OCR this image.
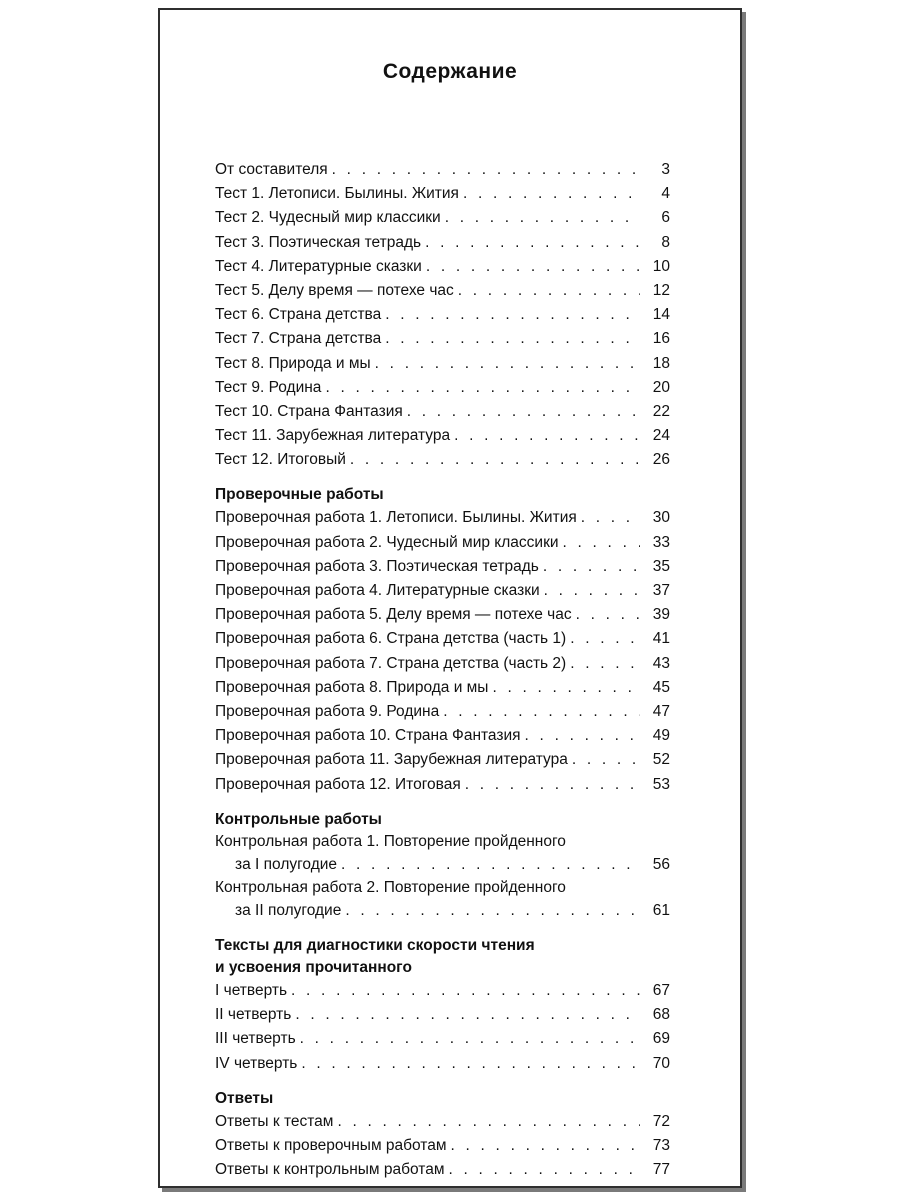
Содержание
От составителя . . .	3
Тест 1. Летописи. Былины. Жития . . .	4
Тест 2. Чудесный мир классики . . .	6
Тест 3. Поэтическая тетрадь . . .	8
Тест 4. Литературные сказки . . .	10
Тест 5. Делу время — потехе час . . .	12
Тест 6. Страна детства . . .	14
Тест 7. Страна детства . . .	16
Тест 8. Природа и мы . . .	18
Тест 9. Родина . . .	20
Тест 10. Страна Фантазия . . .	22
Тест 11. Зарубежная литература . . .	24
Тест 12. Итоговый . . .	26
Проверочные работы
Проверочная работа 1. Летописи. Былины. Жития . . .	30
Проверочная работа 2. Чудесный мир классики . . .	33
Проверочная работа 3. Поэтическая тетрадь . . .	35
Проверочная работа 4. Литературные сказки . . .	37
Проверочная работа 5. Делу время — потехе час . . .	39
Проверочная работа 6. Страна детства (часть 1) . . .	41
Проверочная работа 7. Страна детства (часть 2) . . .	43
Проверочная работа 8. Природа и мы . . .	45
Проверочная работа 9. Родина . . .	47
Проверочная работа 10. Страна Фантазия . . .	49
Проверочная работа 11. Зарубежная литература . . .	52
Проверочная работа 12. Итоговая . . .	53
Контрольные работы
Контрольная работа 1. Повторение пройденного
за I полугодие . . .	56
Контрольная работа 2. Повторение пройденного
за II полугодие . . .	61
Тексты для диагностики скорости чтения
и усвоения прочитанного
I четверть . . .	67
II четверть . . .	68
III четверть . . .	69
IV четверть . . .	70
Ответы
Ответы к тестам . . .	72
Ответы к проверочным работам . . .	73
Ответы к контрольным работам . . .	77
